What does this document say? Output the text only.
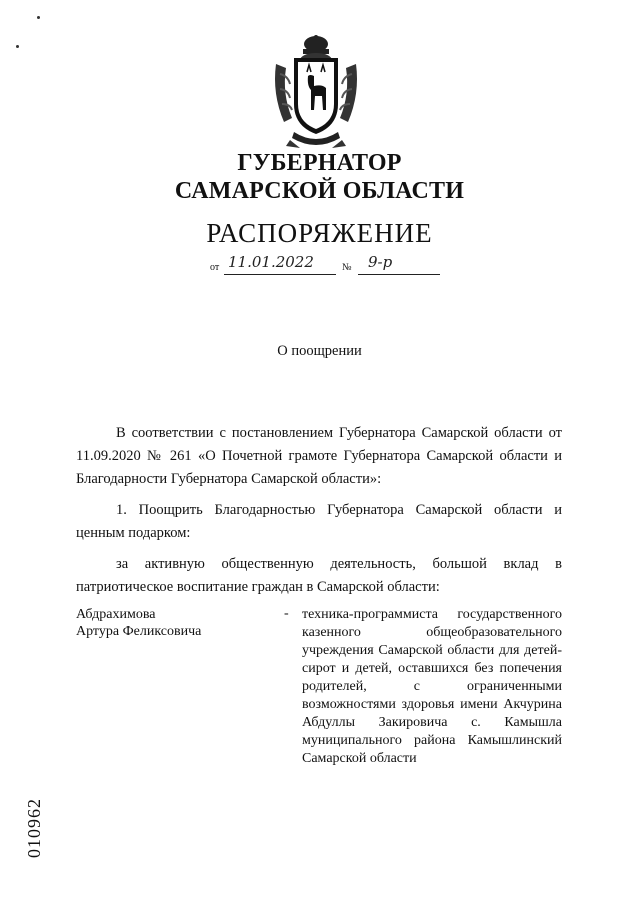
ГУБЕРНАТОР
САМАРСКОЙ ОБЛАСТИ
РАСПОРЯЖЕНИЕ
от 11.01.2022	№ 9-р
О поощрении
В соответствии с постановлением Губернатора Самарской области от 11.09.2020 № 261 «О Почетной грамоте Губернатора Самарской области и Благодарности Губернатора Самарской области»:
1. Поощрить Благодарностью Губернатора Самарской области и ценным подарком:
за активную общественную деятельность, большой вклад в патриотическое воспитание граждан в Самарской области:
Абдрахимова
Артура Феликсовича
- техника-программиста государственного казенного общеобразовательного учреждения Самарской области для детей-сирот и детей, оставшихся без попечения родителей, с ограниченными возможностями здоровья имени Акчурина Абдуллы Закировича с. Камышла муниципального района Камышлинский Самарской области
010962
